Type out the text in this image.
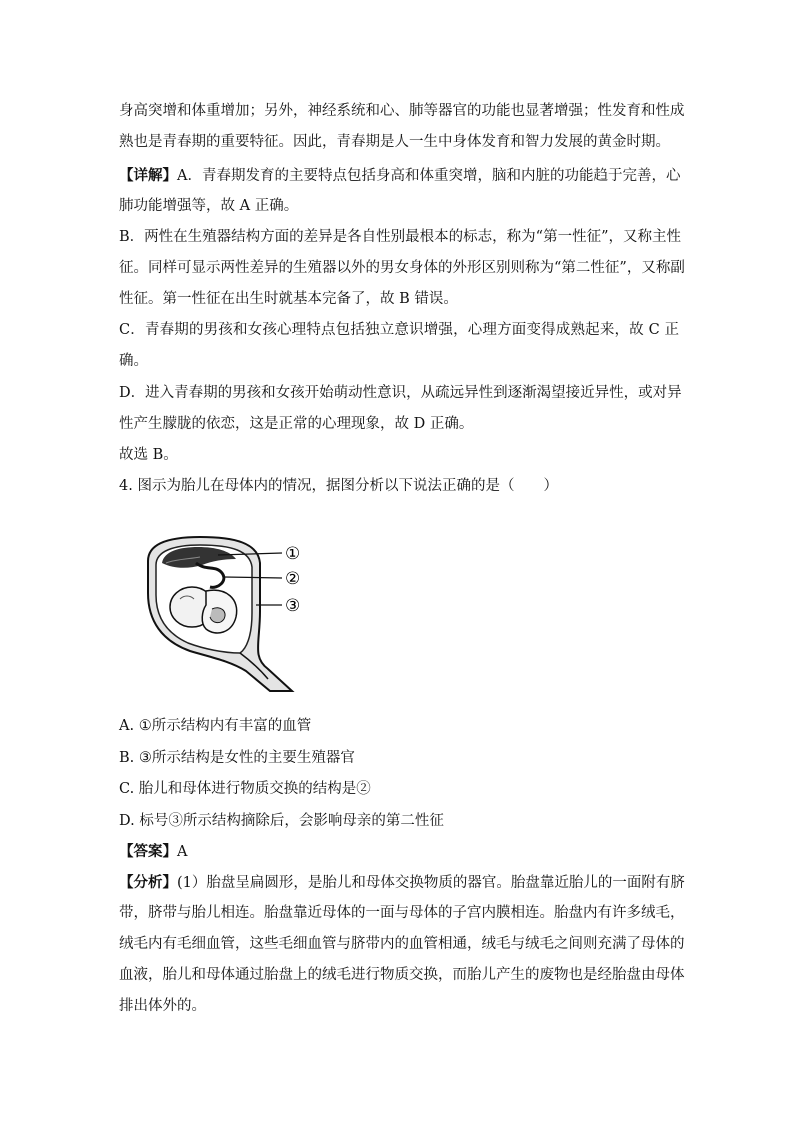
身高突增和体重增加；另外，神经系统和心、肺等器官的功能也显著增强；性发育和性成
熟也是青春期的重要特征。因此，青春期是人一生中身体发育和智力发展的黄金时期。
【详解】A．青春期发育的主要特点包括身高和体重突增，脑和内脏的功能趋于完善，心
肺功能增强等，故 A 正确。
B．两性在生殖器结构方面的差异是各自性别最根本的标志，称为“第一性征”，又称主性
征。同样可显示两性差异的生殖器以外的男女身体的外形区别则称为“第二性征”，又称副
性征。第一性征在出生时就基本完备了，故 B 错误。
C．青春期的男孩和女孩心理特点包括独立意识增强，心理方面变得成熟起来，故 C 正
确。
D．进入青春期的男孩和女孩开始萌动性意识，从疏远异性到逐渐渴望接近异性，或对异
性产生朦胧的依恋，这是正常的心理现象，故 D 正确。
故选 B。
4. 图示为胎儿在母体内的情况，据图分析以下说法正确的是（　　）
①
②
③
A. ①所示结构内有丰富的血管
B. ③所示结构是女性的主要生殖器官
C. 胎儿和母体进行物质交换的结构是②
D. 标号③所示结构摘除后，会影响母亲的第二性征
【答案】A
【分析】(1）胎盘呈扁圆形，是胎儿和母体交换物质的器官。胎盘靠近胎儿的一面附有脐
带，脐带与胎儿相连。胎盘靠近母体的一面与母体的子宫内膜相连。胎盘内有许多绒毛，
绒毛内有毛细血管，这些毛细血管与脐带内的血管相通，绒毛与绒毛之间则充满了母体的
血液，胎儿和母体通过胎盘上的绒毛进行物质交换，而胎儿产生的废物也是经胎盘由母体
排出体外的。
